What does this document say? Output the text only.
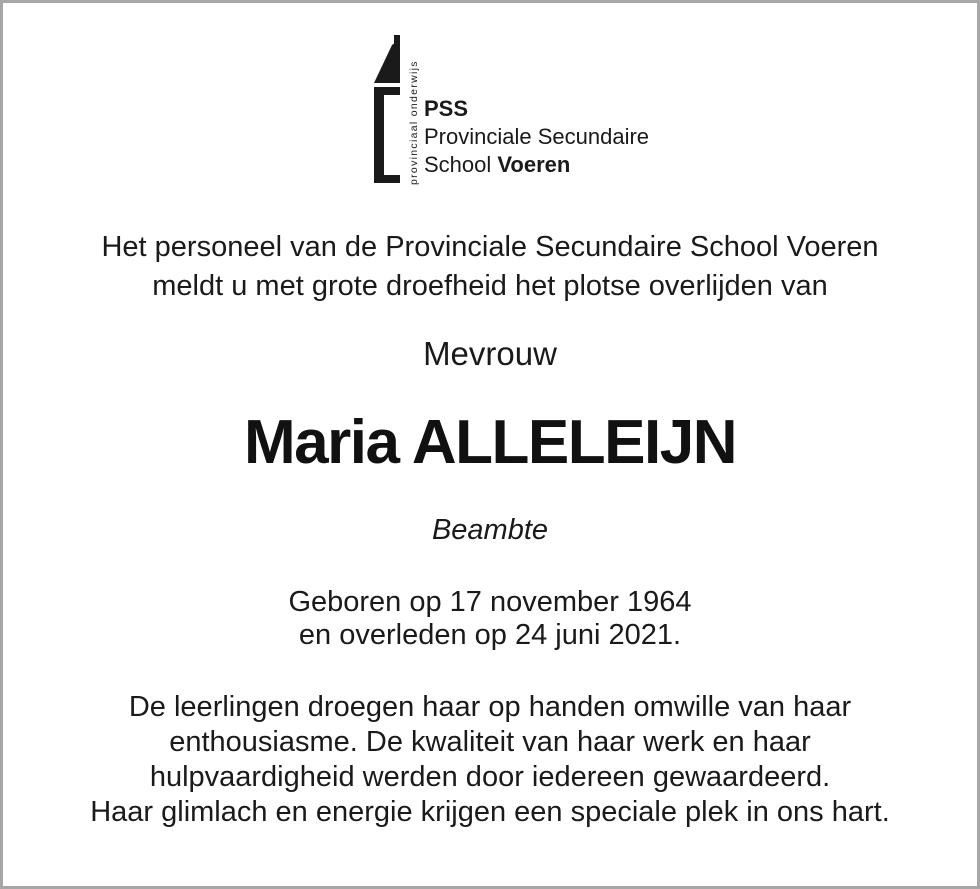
provinciaal onderwijs PSS
Provinciale Secundaire
School Voeren
Het personeel van de Provinciale Secundaire School Voeren
meldt u met grote droefheid het plotse overlijden van
Mevrouw
Maria ALLELEIJN
Beambte
Geboren op 17 november 1964
en overleden op 24 juni 2021.
De leerlingen droegen haar op handen omwille van haar
enthousiasme. De kwaliteit van haar werk en haar
hulpvaardigheid werden door iedereen gewaardeerd.
Haar glimlach en energie krijgen een speciale plek in ons hart.
